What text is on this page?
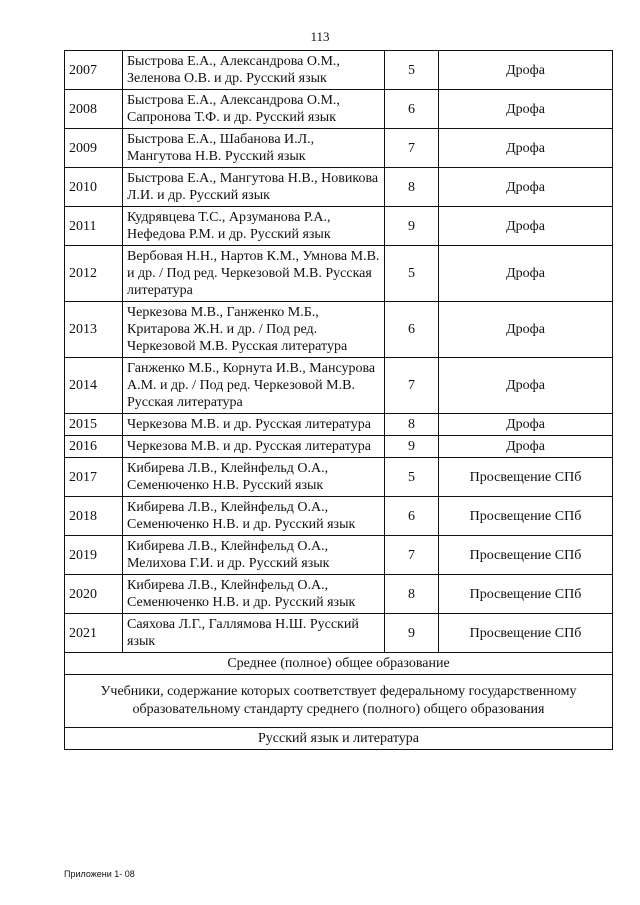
113
2007	Быстрова Е.А., Александрова О.М., Зеленова О.В. и др. Русский язык	5	Дрофа
2008	Быстрова Е.А., Александрова О.М., Сапронова Т.Ф. и др. Русский язык	6	Дрофа
2009	Быстрова Е.А., Шабанова И.Л., Мангутова Н.В. Русский язык	7	Дрофа
2010	Быстрова Е.А., Мангутова Н.В., Новикова Л.И. и др. Русский язык	8	Дрофа
2011	Кудрявцева Т.С., Арзуманова Р.А., Нефедова Р.М. и др. Русский язык	9	Дрофа
2012	Вербовая Н.Н., Нартов К.М., Умнова М.В. и др. / Под ред. Черкезовой М.В. Русская литература	5	Дрофа
2013	Черкезова М.В., Ганженко М.Б., Критарова Ж.Н. и др. / Под ред. Черкезовой М.В. Русская литература	6	Дрофа
2014	Ганженко М.Б., Корнута И.В., Мансурова А.М. и др. / Под ред. Черкезовой М.В. Русская литература	7	Дрофа
2015	Черкезова М.В. и др. Русская литература	8	Дрофа
2016	Черкезова М.В. и др. Русская литература	9	Дрофа
2017	Кибирева Л.В., Клейнфельд О.А., Семенюченко Н.В. Русский язык	5	Просвещение СПб
2018	Кибирева Л.В., Клейнфельд О.А., Семенюченко Н.В. и др. Русский язык	6	Просвещение СПб
2019	Кибирева Л.В., Клейнфельд О.А., Мелихова Г.И. и др. Русский язык	7	Просвещение СПб
2020	Кибирева Л.В., Клейнфельд О.А., Семенюченко Н.В. и др. Русский язык	8	Просвещение СПб
2021	Саяхова Л.Г., Галлямова Н.Ш. Русский язык	9	Просвещение СПб
Среднее (полное) общее образование			
Учебники, содержание которых соответствует федеральному государственному образовательному стандарту среднего (полного) общего образования			
Русский язык и литература			
Приложени 1- 08
